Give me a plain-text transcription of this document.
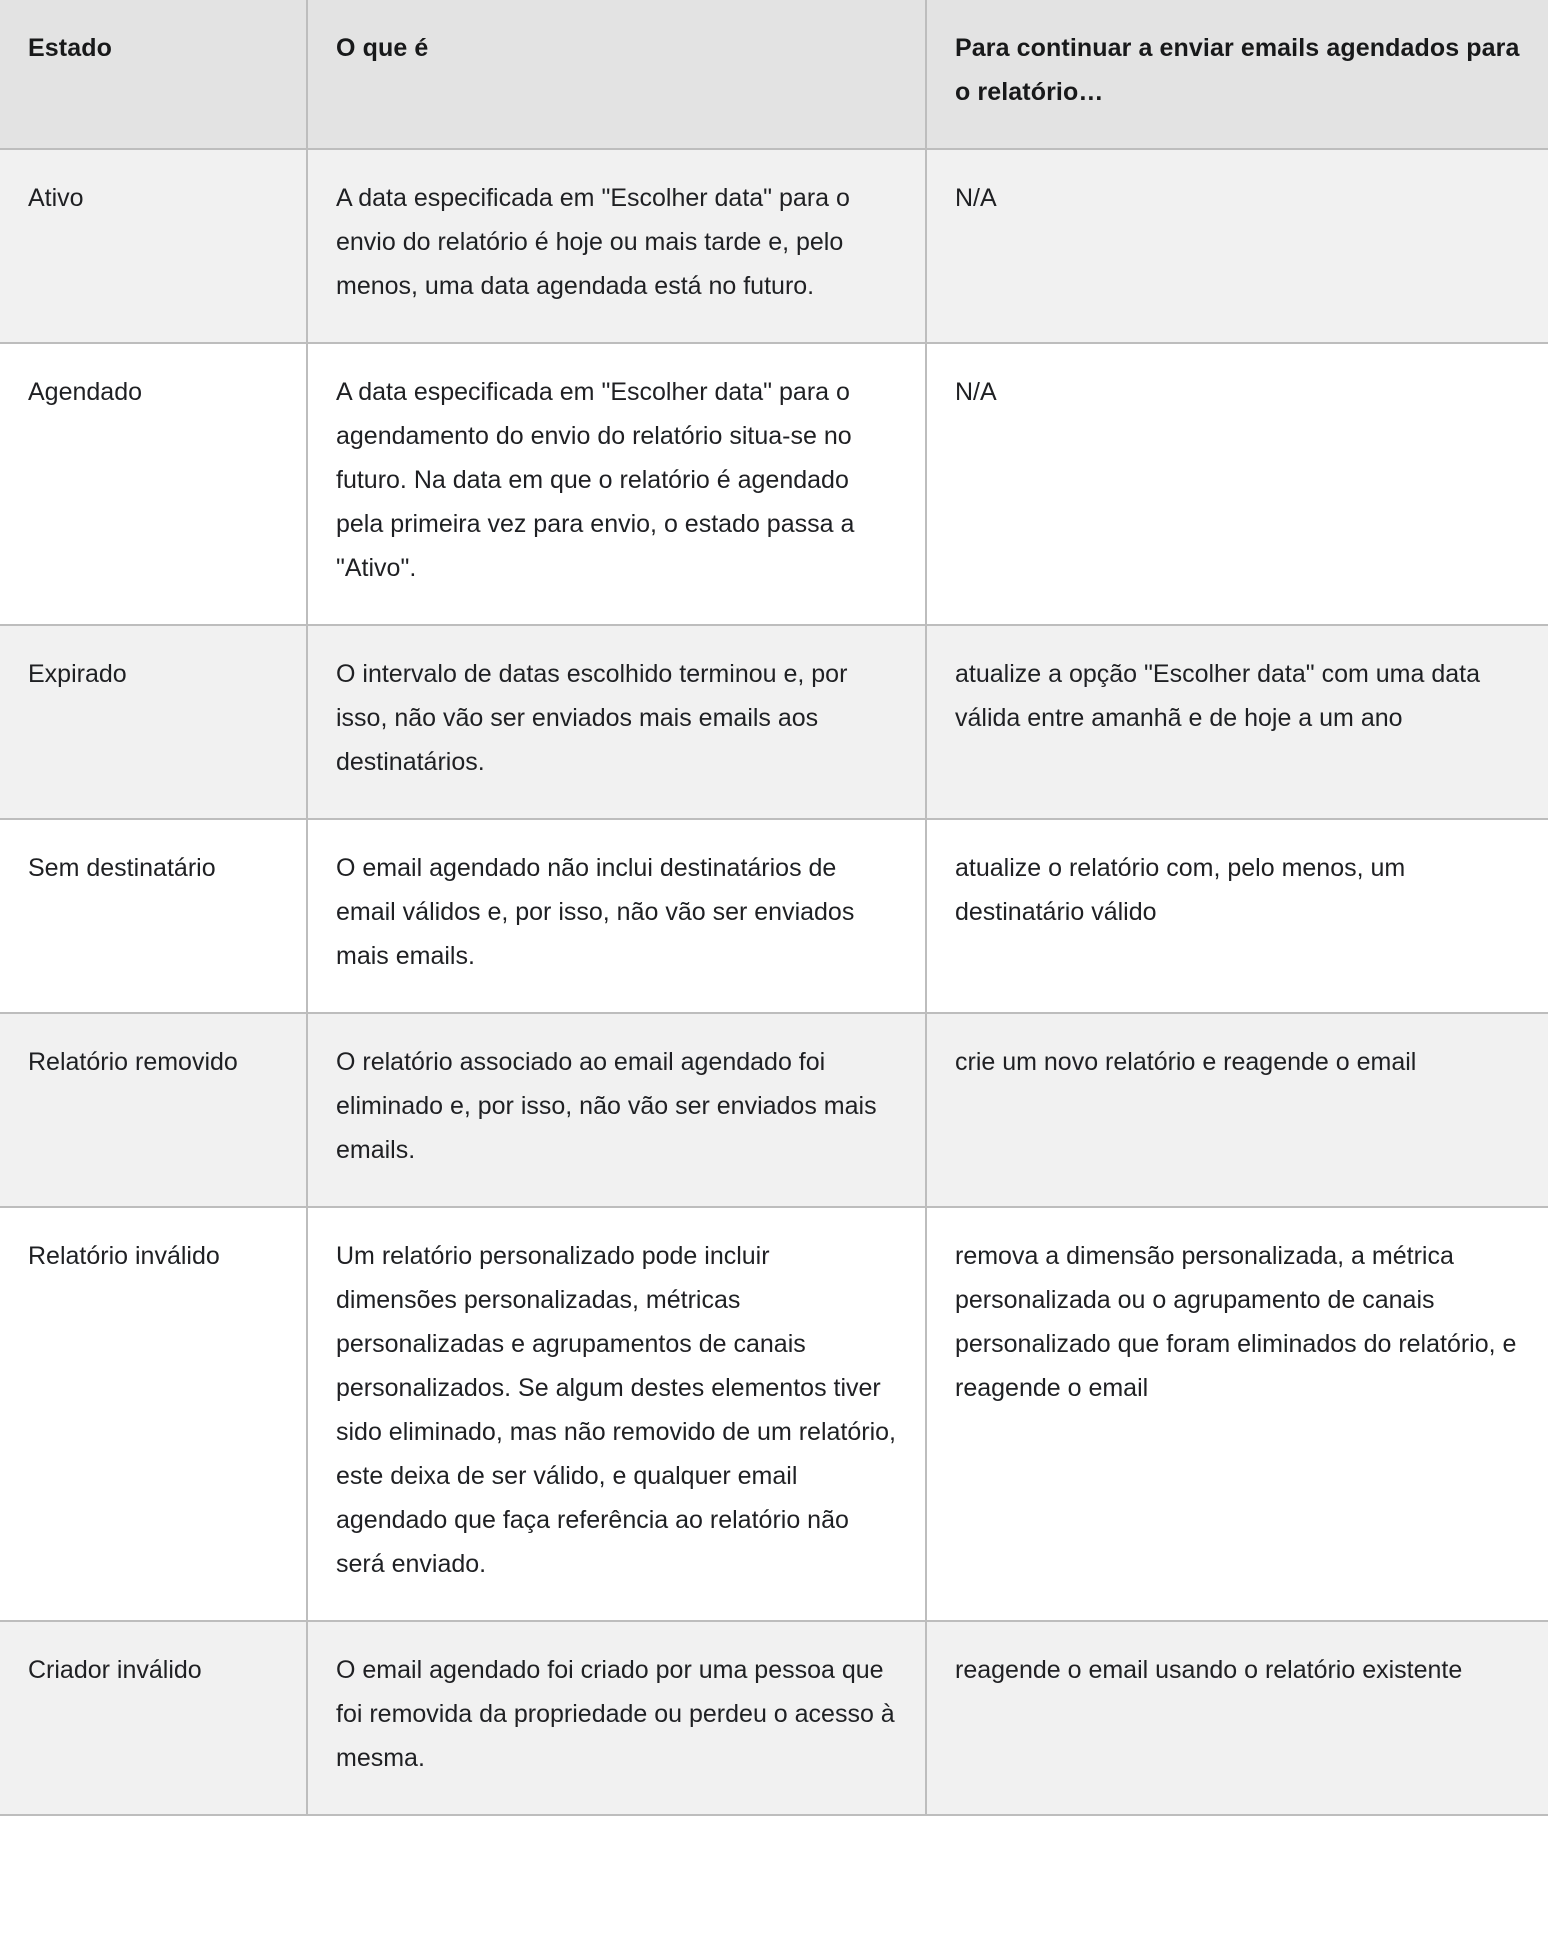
Estado	O que é	Para continuar a enviar emails agendados para o relatório…

Ativo	A data especificada em "Escolher data" para o envio do relatório é hoje ou mais tarde e, pelo menos, uma data agendada está no futuro.	N/A

Agendado	A data especificada em "Escolher data" para o agendamento do envio do relatório situa-se no futuro. Na data em que o relatório é agendado pela primeira vez para envio, o estado passa a "Ativo".	N/A

Expirado	O intervalo de datas escolhido terminou e, por isso, não vão ser enviados mais emails aos destinatários.	atualize a opção "Escolher data" com uma data válida entre amanhã e de hoje a um ano

Sem destinatário	O email agendado não inclui destinatários de email válidos e, por isso, não vão ser enviados mais emails.	atualize o relatório com, pelo menos, um destinatário válido

Relatório removido	O relatório associado ao email agendado foi eliminado e, por isso, não vão ser enviados mais emails.	crie um novo relatório e reagende o email

Relatório inválido	Um relatório personalizado pode incluir dimensões personalizadas, métricas personalizadas e agrupamentos de canais personalizados. Se algum destes elementos tiver sido eliminado, mas não removido de um relatório, este deixa de ser válido, e qualquer email agendado que faça referência ao relatório não será enviado.	remova a dimensão personalizada, a métrica personalizada ou o agrupamento de canais personalizado que foram eliminados do relatório, e reagende o email

Criador inválido	O email agendado foi criado por uma pessoa que foi removida da propriedade ou perdeu o acesso à mesma.	reagende o email usando o relatório existente
